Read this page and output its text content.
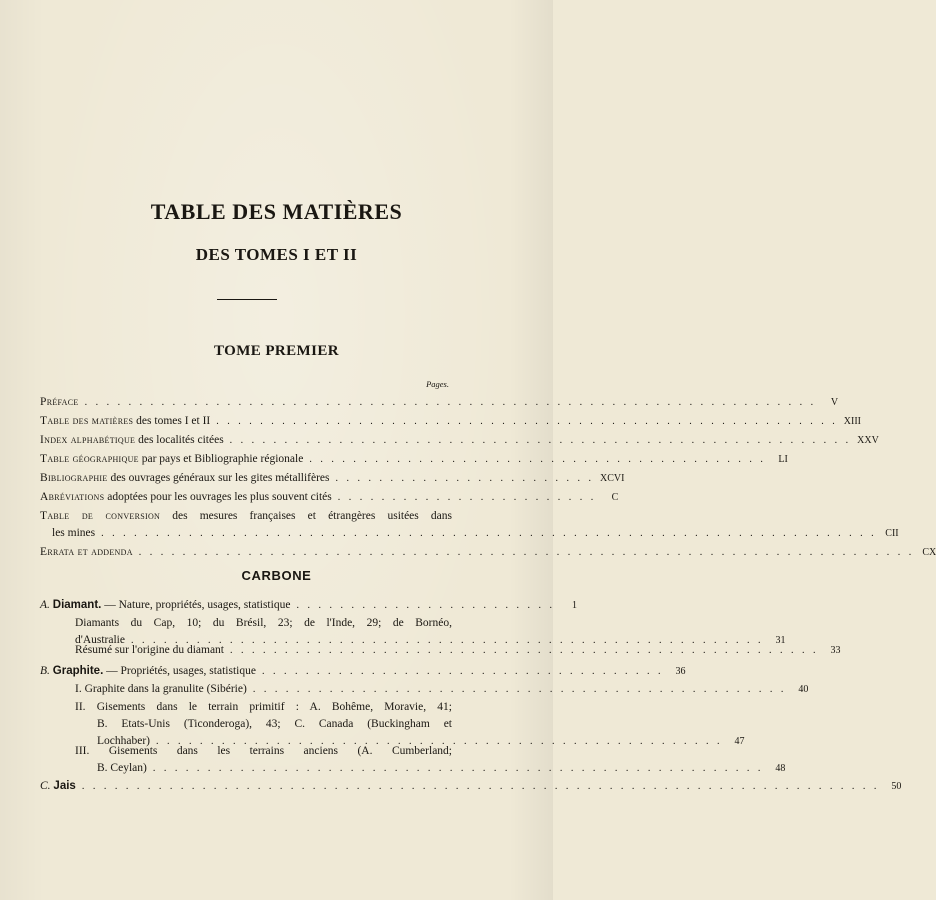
TABLE DES MATIÈRES
DES TOMES I ET II
TOME PREMIER
Pages.
Préface . . . . . . . . . . . . . . . . . . . . . . . . . . . . . . . . . . . . . . . . . . . . . . . . . . . . . . . . . . . . . . . . . . .	V
Table des matières des tomes I et II . . . . . . . . . . . . . . . . . . . . . . . . . . . . . . . . . . . . . . . . . . . . . . . . . . . . . . . . . XIII
Index alphabétique des localités citées . . . . . . . . . . . . . . . . . . . . . . . . . . . . . . . . . . . . . . . . . . . . . . . . . . . . . . . . . XXV
Table géographique par pays et Bibliographie régionale . . . . . . . . . . . . . . . . . . . . . . . . . . . . . . . . . . . . . . . . . .	LI
Bibliographie des ouvrages généraux sur les gites métallifères . . . . . . . . . . . . . . . . . . . . . . . . XCVI
Abréviations adoptées pour les ouvrages les plus souvent cités . . . . . . . . . . . . . . . . . . . . . . . .	C
Table de conversion des mesures françaises et étrangères usitées dans
les mines . . . . . . . . . . . . . . . . . . . . . . . . . . . . . . . . . . . . . . . . . . . . . . . . . . . . . . . . . . . . . . . . . . . . . . . CII
Errata et addenda . . . . . . . . . . . . . . . . . . . . . . . . . . . . . . . . . . . . . . . . . . . . . . . . . . . . . . . . . . . . . . . . . . . . . . . CX
CARBONE
A. Diamant. — Nature, propriétés, usages, statistique . . . . . . . . . . . . . . . . . . . . . . . .	1
Diamants du Cap, 10; du Brésil, 23; de l'Inde, 29; de Bornéo,
d'Australie . . . . . . . . . . . . . . . . . . . . . . . . . . . . . . . . . . . . . . . . . . . . . . . . . . . . . . . . . .	31
Résumé sur l'origine du diamant . . . . . . . . . . . . . . . . . . . . . . . . . . . . . . . . . . . . . . . . . . . . . . . . . . . . . .	33
B. Graphite. — Propriétés, usages, statistique . . . . . . . . . . . . . . . . . . . . . . . . . . . . . . . . . . . . .	36
I. Graphite dans la granulite (Sibérie) . . . . . . . . . . . . . . . . . . . . . . . . . . . . . . . . . . . . . . . . . . . . . . . . .	40
II. Gisements dans le terrain primitif : A. Bohême, Moravie, 41;
B. Etats-Unis (Ticonderoga), 43; C. Canada (Buckingham et
Lochhaber) . . . . . . . . . . . . . . . . . . . . . . . . . . . . . . . . . . . . . . . . . . . . . . . . . . . .	47
III. Gisements dans les terrains anciens (A. Cumberland;
B. Ceylan) . . . . . . . . . . . . . . . . . . . . . . . . . . . . . . . . . . . . . . . . . . . . . . . . . . . . . . . .	48
C. Jais . . . . . . . . . . . . . . . . . . . . . . . . . . . . . . . . . . . . . . . . . . . . . . . . . . . . . . . . . . . . . . . . . . . . . . . . .	50
